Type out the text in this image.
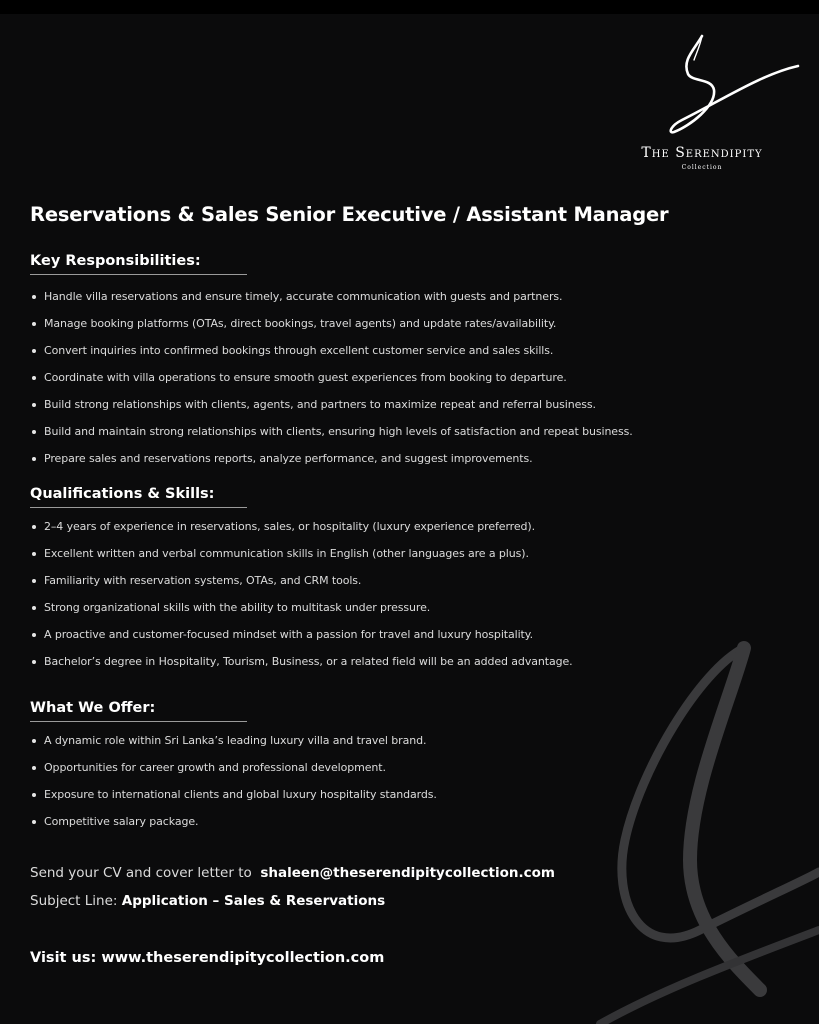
The Serendipity
Collection
Reservations & Sales Senior Executive / Assistant Manager
Key Responsibilities:
Handle villa reservations and ensure timely, accurate communication with guests and partners.
Manage booking platforms (OTAs, direct bookings, travel agents) and update rates/availability.
Convert inquiries into confirmed bookings through excellent customer service and sales skills.
Coordinate with villa operations to ensure smooth guest experiences from booking to departure.
Build strong relationships with clients, agents, and partners to maximize repeat and referral business.
Build and maintain strong relationships with clients, ensuring high levels of satisfaction and repeat business.
Prepare sales and reservations reports, analyze performance, and suggest improvements.
Qualifications & Skills:
2–4 years of experience in reservations, sales, or hospitality (luxury experience preferred).
Excellent written and verbal communication skills in English (other languages are a plus).
Familiarity with reservation systems, OTAs, and CRM tools.
Strong organizational skills with the ability to multitask under pressure.
A proactive and customer-focused mindset with a passion for travel and luxury hospitality.
Bachelor’s degree in Hospitality, Tourism, Business, or a related field will be an added advantage.
What We Offer:
A dynamic role within Sri Lanka’s leading luxury villa and travel brand.
Opportunities for career growth and professional development.
Exposure to international clients and global luxury hospitality standards.
Competitive salary package.
Send your CV and cover letter to shaleen@theserendipitycollection.com
Subject Line: Application – Sales & Reservations
Visit us: www.theserendipitycollection.com
